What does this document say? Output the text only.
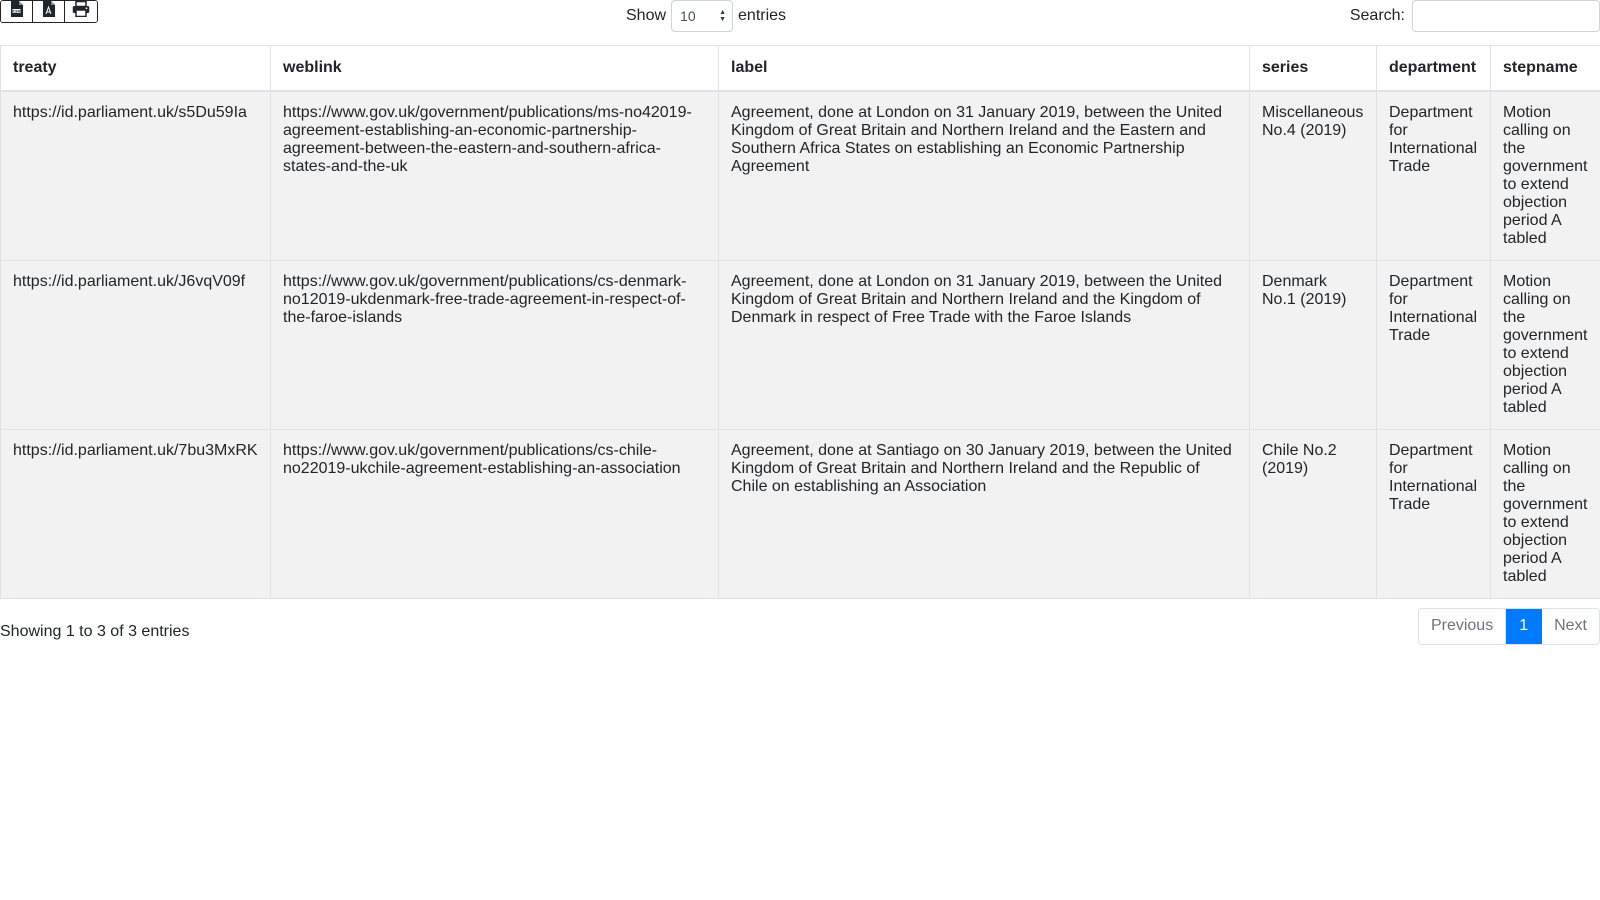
CSV	Show 10	▲
▼ entries	Search:
treaty	weblink	label	series	department	stepname
https://id.parliament.uk/s5Du59Ia	https://www.gov.uk/government/publications/ms-no42019-agreement-establishing-an-economic-partnership-agreement-between-the-eastern-and-southern-africa-states-and-the-uk	Agreement, done at London on 31 January 2019, between the United Kingdom of Great Britain and Northern Ireland and the Eastern and Southern Africa States on establishing an Economic Partnership Agreement	Miscellaneous No.4 (2019)	Department for International Trade	Motion calling on the government to extend objection period A tabled
https://id.parliament.uk/J6vqV09f	https://www.gov.uk/government/publications/cs-denmark-no12019-ukdenmark-free-trade-agreement-in-respect-of-the-faroe-islands	Agreement, done at London on 31 January 2019, between the United Kingdom of Great Britain and Northern Ireland and the Kingdom of Denmark in respect of Free Trade with the Faroe Islands	Denmark No.1 (2019)	Department for International Trade	Motion calling on the government to extend objection period A tabled
https://id.parliament.uk/7bu3MxRK	https://www.gov.uk/government/publications/cs-chile-no22019-ukchile-agreement-establishing-an-association	Agreement, done at Santiago on 30 January 2019, between the United Kingdom of Great Britain and Northern Ireland and the Republic of Chile on establishing an Association	Chile No.2 (2019)	Department for International Trade	Motion calling on the government to extend objection period A tabled
Showing 1 to 3 of 3 entries	Previous	1	Next
